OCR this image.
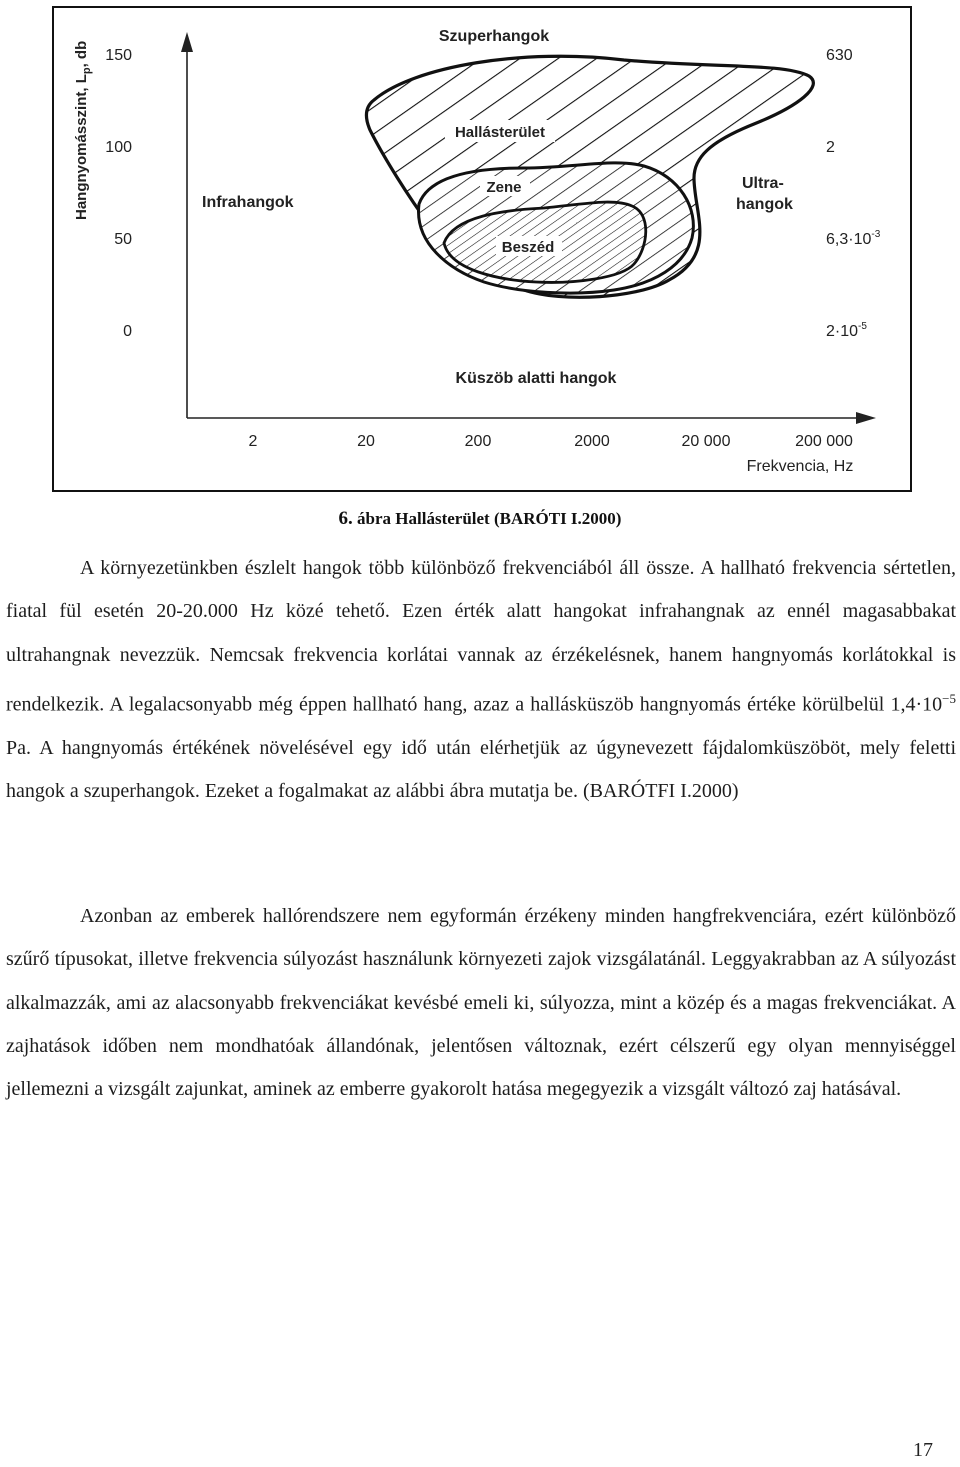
Szuperhangok
Infrahangok
Ultra-
hangok
Hallásterület
Zene
Beszéd
Küszöb alatti hangok
Hangnyomásszint, $L_p$, db 150
100
50
0
630
2
$6,3\cdot 10^{-3}$
$2\cdot 10^{-5}$
2	20	200	2000	20 000	200 000
Frekvencia, Hz
6. ábra Hallásterület (BARÓTI I.2000)

A környezetünkben észlelt hangok több különböző frekvenciából áll össze. A hallható frekvencia sértetlen, fiatal fül esetén 20-20.000 Hz közé tehető. Ezen érték alatt hangokat infrahangnak az ennél magasabbakat ultrahangnak nevezzük. Nemcsak frekvencia korlátai vannak az érzékelésnek, hanem hangnyomás korlátokkal is rendelkezik. A legalacsonyabb még éppen hallható hang, azaz a hallásküszöb hangnyomás értéke körülbelül $1,4\cdot 10^{-5}$ Pa. A hangnyomás értékének növelésével egy idő után elérhetjük az úgynevezett fájdalomküszöböt, mely feletti hangok a szuperhangok. Ezeket a fogalmakat az alábbi ábra mutatja be. (BARÓTFI I.2000)

Azonban az emberek hallórendszere nem egyformán érzékeny minden hangfrekvenciára, ezért különböző szűrő típusokat, illetve frekvencia súlyozást használunk környezeti zajok vizsgálatánál. Leggyakrabban az A súlyozást alkalmazzák, ami az alacsonyabb frekvenciákat kevésbé emeli ki, súlyozza, mint a közép és a magas frekvenciákat. A zajhatások időben nem mondhatóak állandónak, jelentősen változnak, ezért célszerű egy olyan mennyiséggel jellemezni a vizsgált zajunkat, aminek az emberre gyakorolt hatása megegyezik a vizsgált változó zaj hatásával.

17
